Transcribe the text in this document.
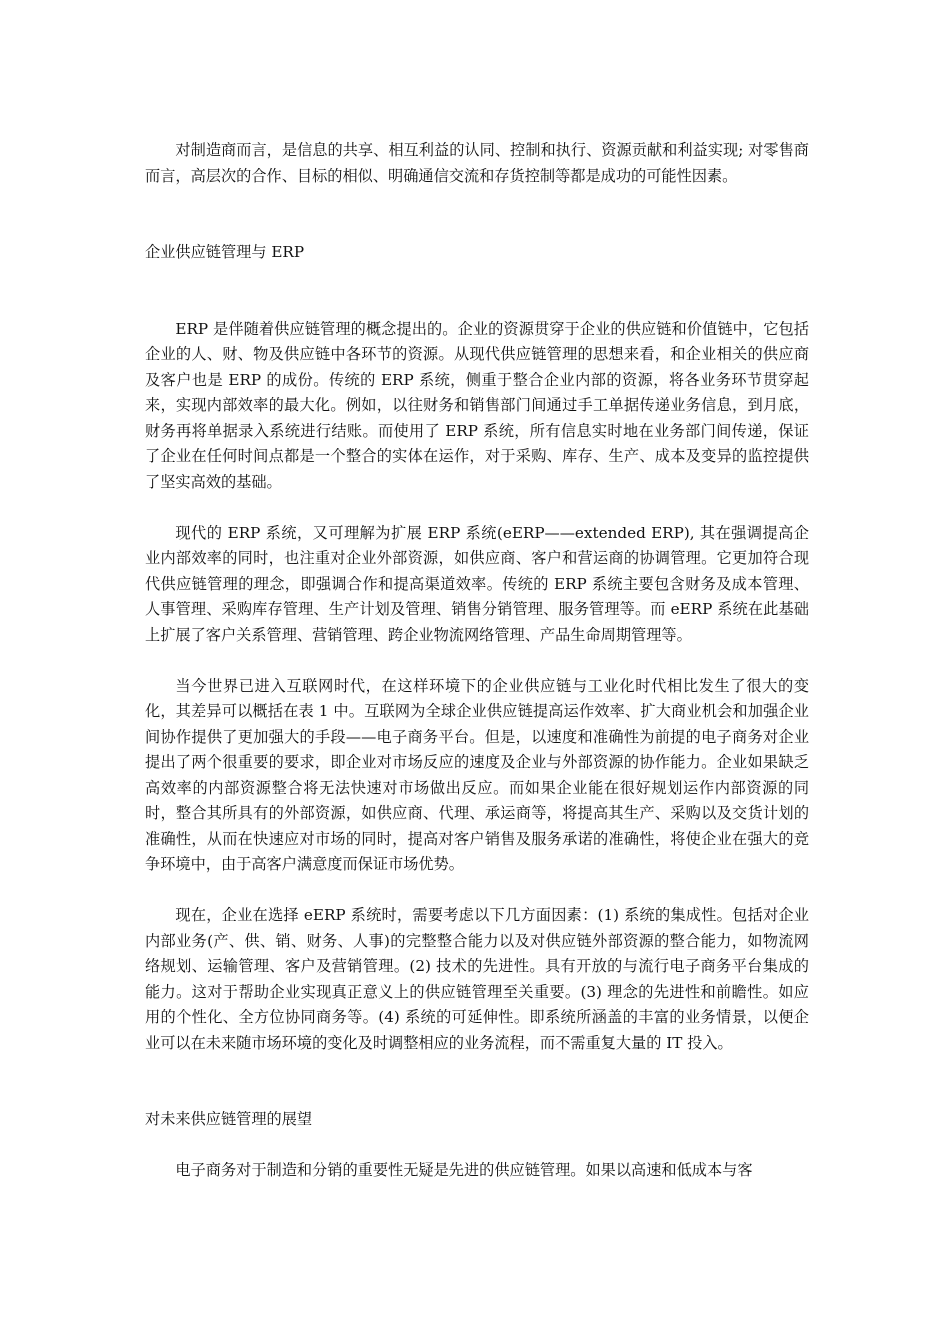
对制造商而言，是信息的共享、相互利益的认同、控制和执行、资源贡献和利益实现; 对零售商而言，高层次的合作、目标的相似、明确通信交流和存货控制等都是成功的可能性因素。

企业供应链管理与 ERP

ERP 是伴随着供应链管理的概念提出的。企业的资源贯穿于企业的供应链和价值链中，它包括企业的人、财、物及供应链中各环节的资源。从现代供应链管理的思想来看，和企业相关的供应商及客户也是 ERP 的成份。传统的 ERP 系统，侧重于整合企业内部的资源，将各业务环节贯穿起来，实现内部效率的最大化。例如，以往财务和销售部门间通过手工单据传递业务信息，到月底，财务再将单据录入系统进行结账。而使用了 ERP 系统，所有信息实时地在业务部门间传递，保证了企业在任何时间点都是一个整合的实体在运作，对于采购、库存、生产、成本及变异的监控提供了坚实高效的基础。

现代的 ERP 系统，又可理解为扩展 ERP 系统(eERP——extended ERP), 其在强调提高企业内部效率的同时，也注重对企业外部资源，如供应商、客户和营运商的协调管理。它更加符合现代供应链管理的理念，即强调合作和提高渠道效率。传统的 ERP 系统主要包含财务及成本管理、人事管理、采购库存管理、生产计划及管理、销售分销管理、服务管理等。而 eERP 系统在此基础上扩展了客户关系管理、营销管理、跨企业物流网络管理、产品生命周期管理等。

当今世界已进入互联网时代，在这样环境下的企业供应链与工业化时代相比发生了很大的变化，其差异可以概括在表 1 中。互联网为全球企业供应链提高运作效率、扩大商业机会和加强企业间协作提供了更加强大的手段——电子商务平台。但是，以速度和准确性为前提的电子商务对企业提出了两个很重要的要求，即企业对市场反应的速度及企业与外部资源的协作能力。企业如果缺乏高效率的内部资源整合将无法快速对市场做出反应。而如果企业能在很好规划运作内部资源的同时，整合其所具有的外部资源，如供应商、代理、承运商等，将提高其生产、采购以及交货计划的准确性，从而在快速应对市场的同时，提高对客户销售及服务承诺的准确性，将使企业在强大的竞争环境中，由于高客户满意度而保证市场优势。

现在，企业在选择 eERP 系统时，需要考虑以下几方面因素：(1) 系统的集成性。包括对企业内部业务(产、供、销、财务、人事)的完整整合能力以及对供应链外部资源的整合能力，如物流网络规划、运输管理、客户及营销管理。(2) 技术的先进性。具有开放的与流行电子商务平台集成的能力。这对于帮助企业实现真正意义上的供应链管理至关重要。(3) 理念的先进性和前瞻性。如应用的个性化、全方位协同商务等。(4) 系统的可延伸性。即系统所涵盖的丰富的业务情景，以便企业可以在未来随市场环境的变化及时调整相应的业务流程，而不需重复大量的 IT 投入。

对未来供应链管理的展望

电子商务对于制造和分销的重要性无疑是先进的供应链管理。如果以高速和低成本与客
